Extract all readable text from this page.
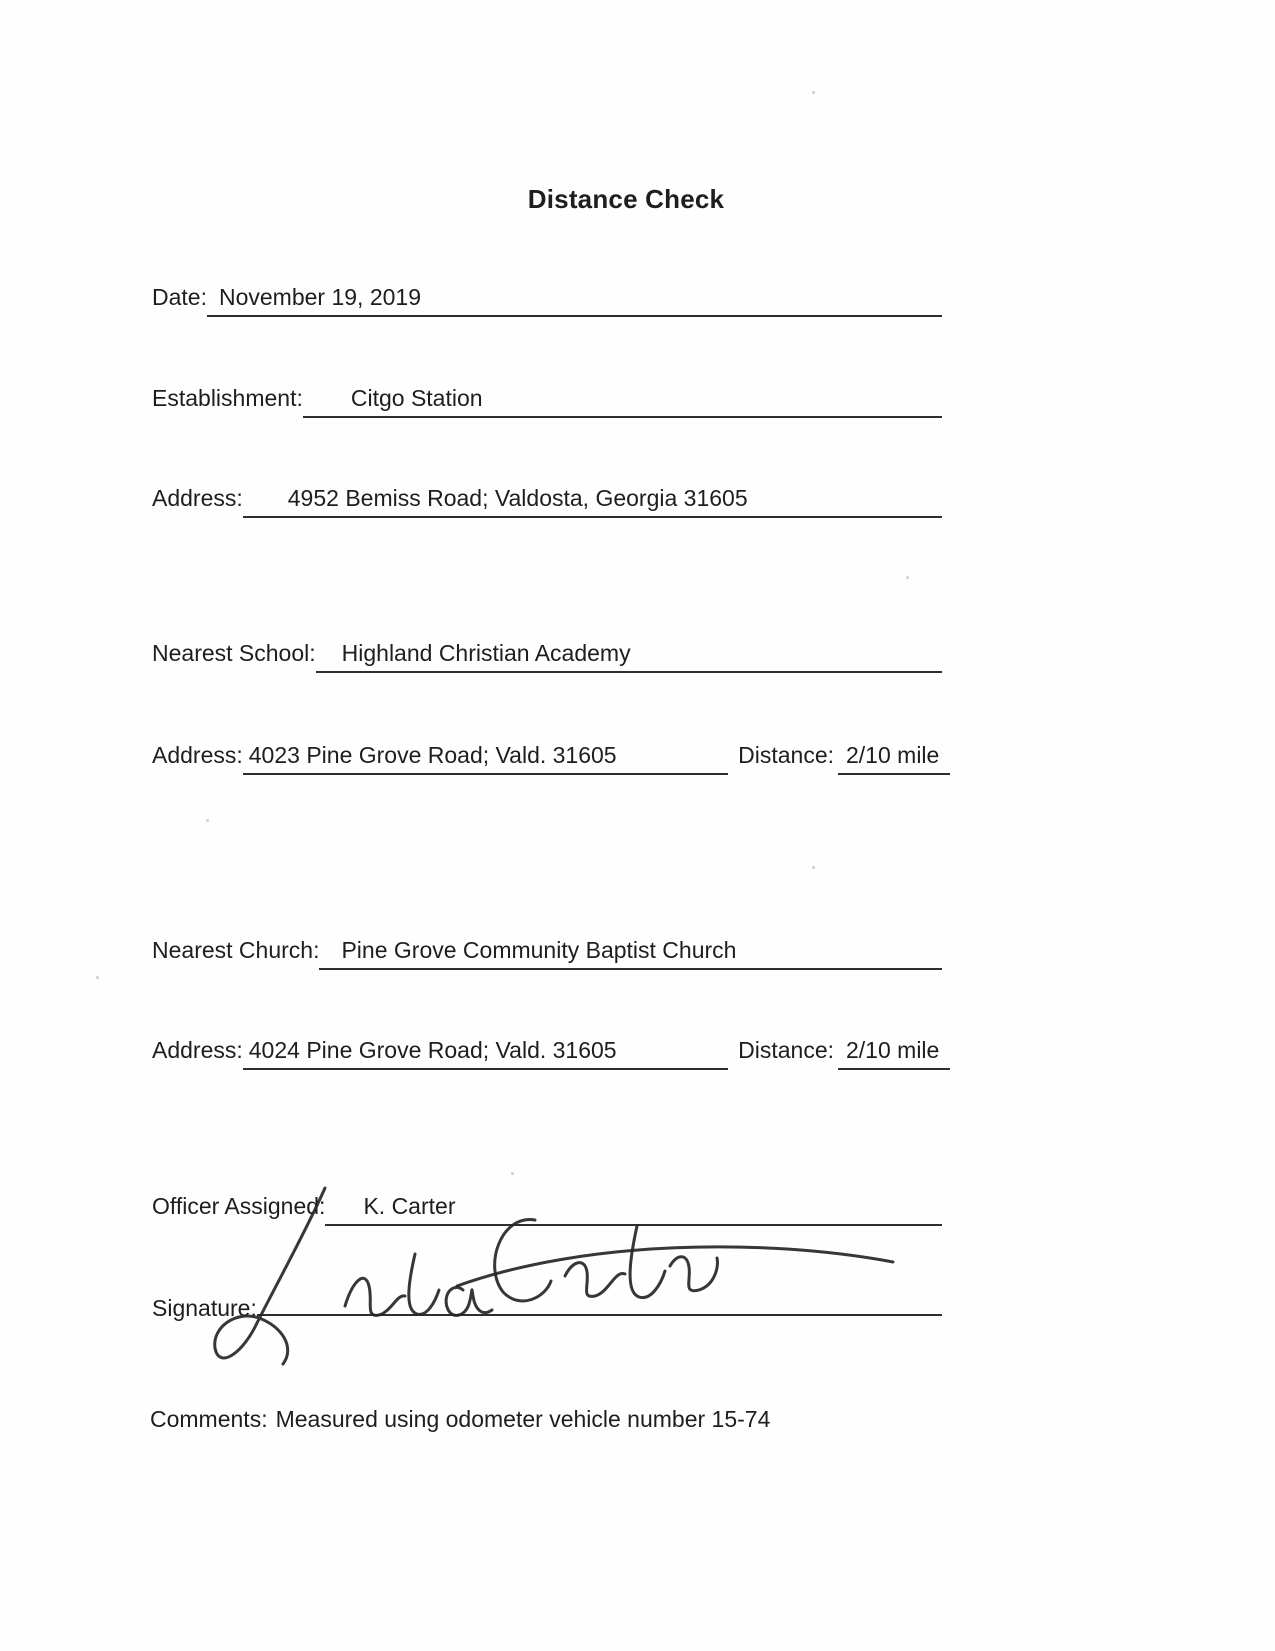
Distance Check
Date: November 19, 2019
Establishment:	Citgo Station
Address:	4952 Bemiss Road; Valdosta, Georgia 31605
Nearest School:	Highland Christian Academy
Address: 4023 Pine Grove Road; Vald. 31605	Distance: 2/10 mile
Nearest Church: Pine Grove Community Baptist Church
Address: 4024 Pine Grove Road; Vald. 31605	Distance: 2/10 mile
Officer Assigned:	K. Carter
Signature:
Comments: Measured using odometer vehicle number 15-74
